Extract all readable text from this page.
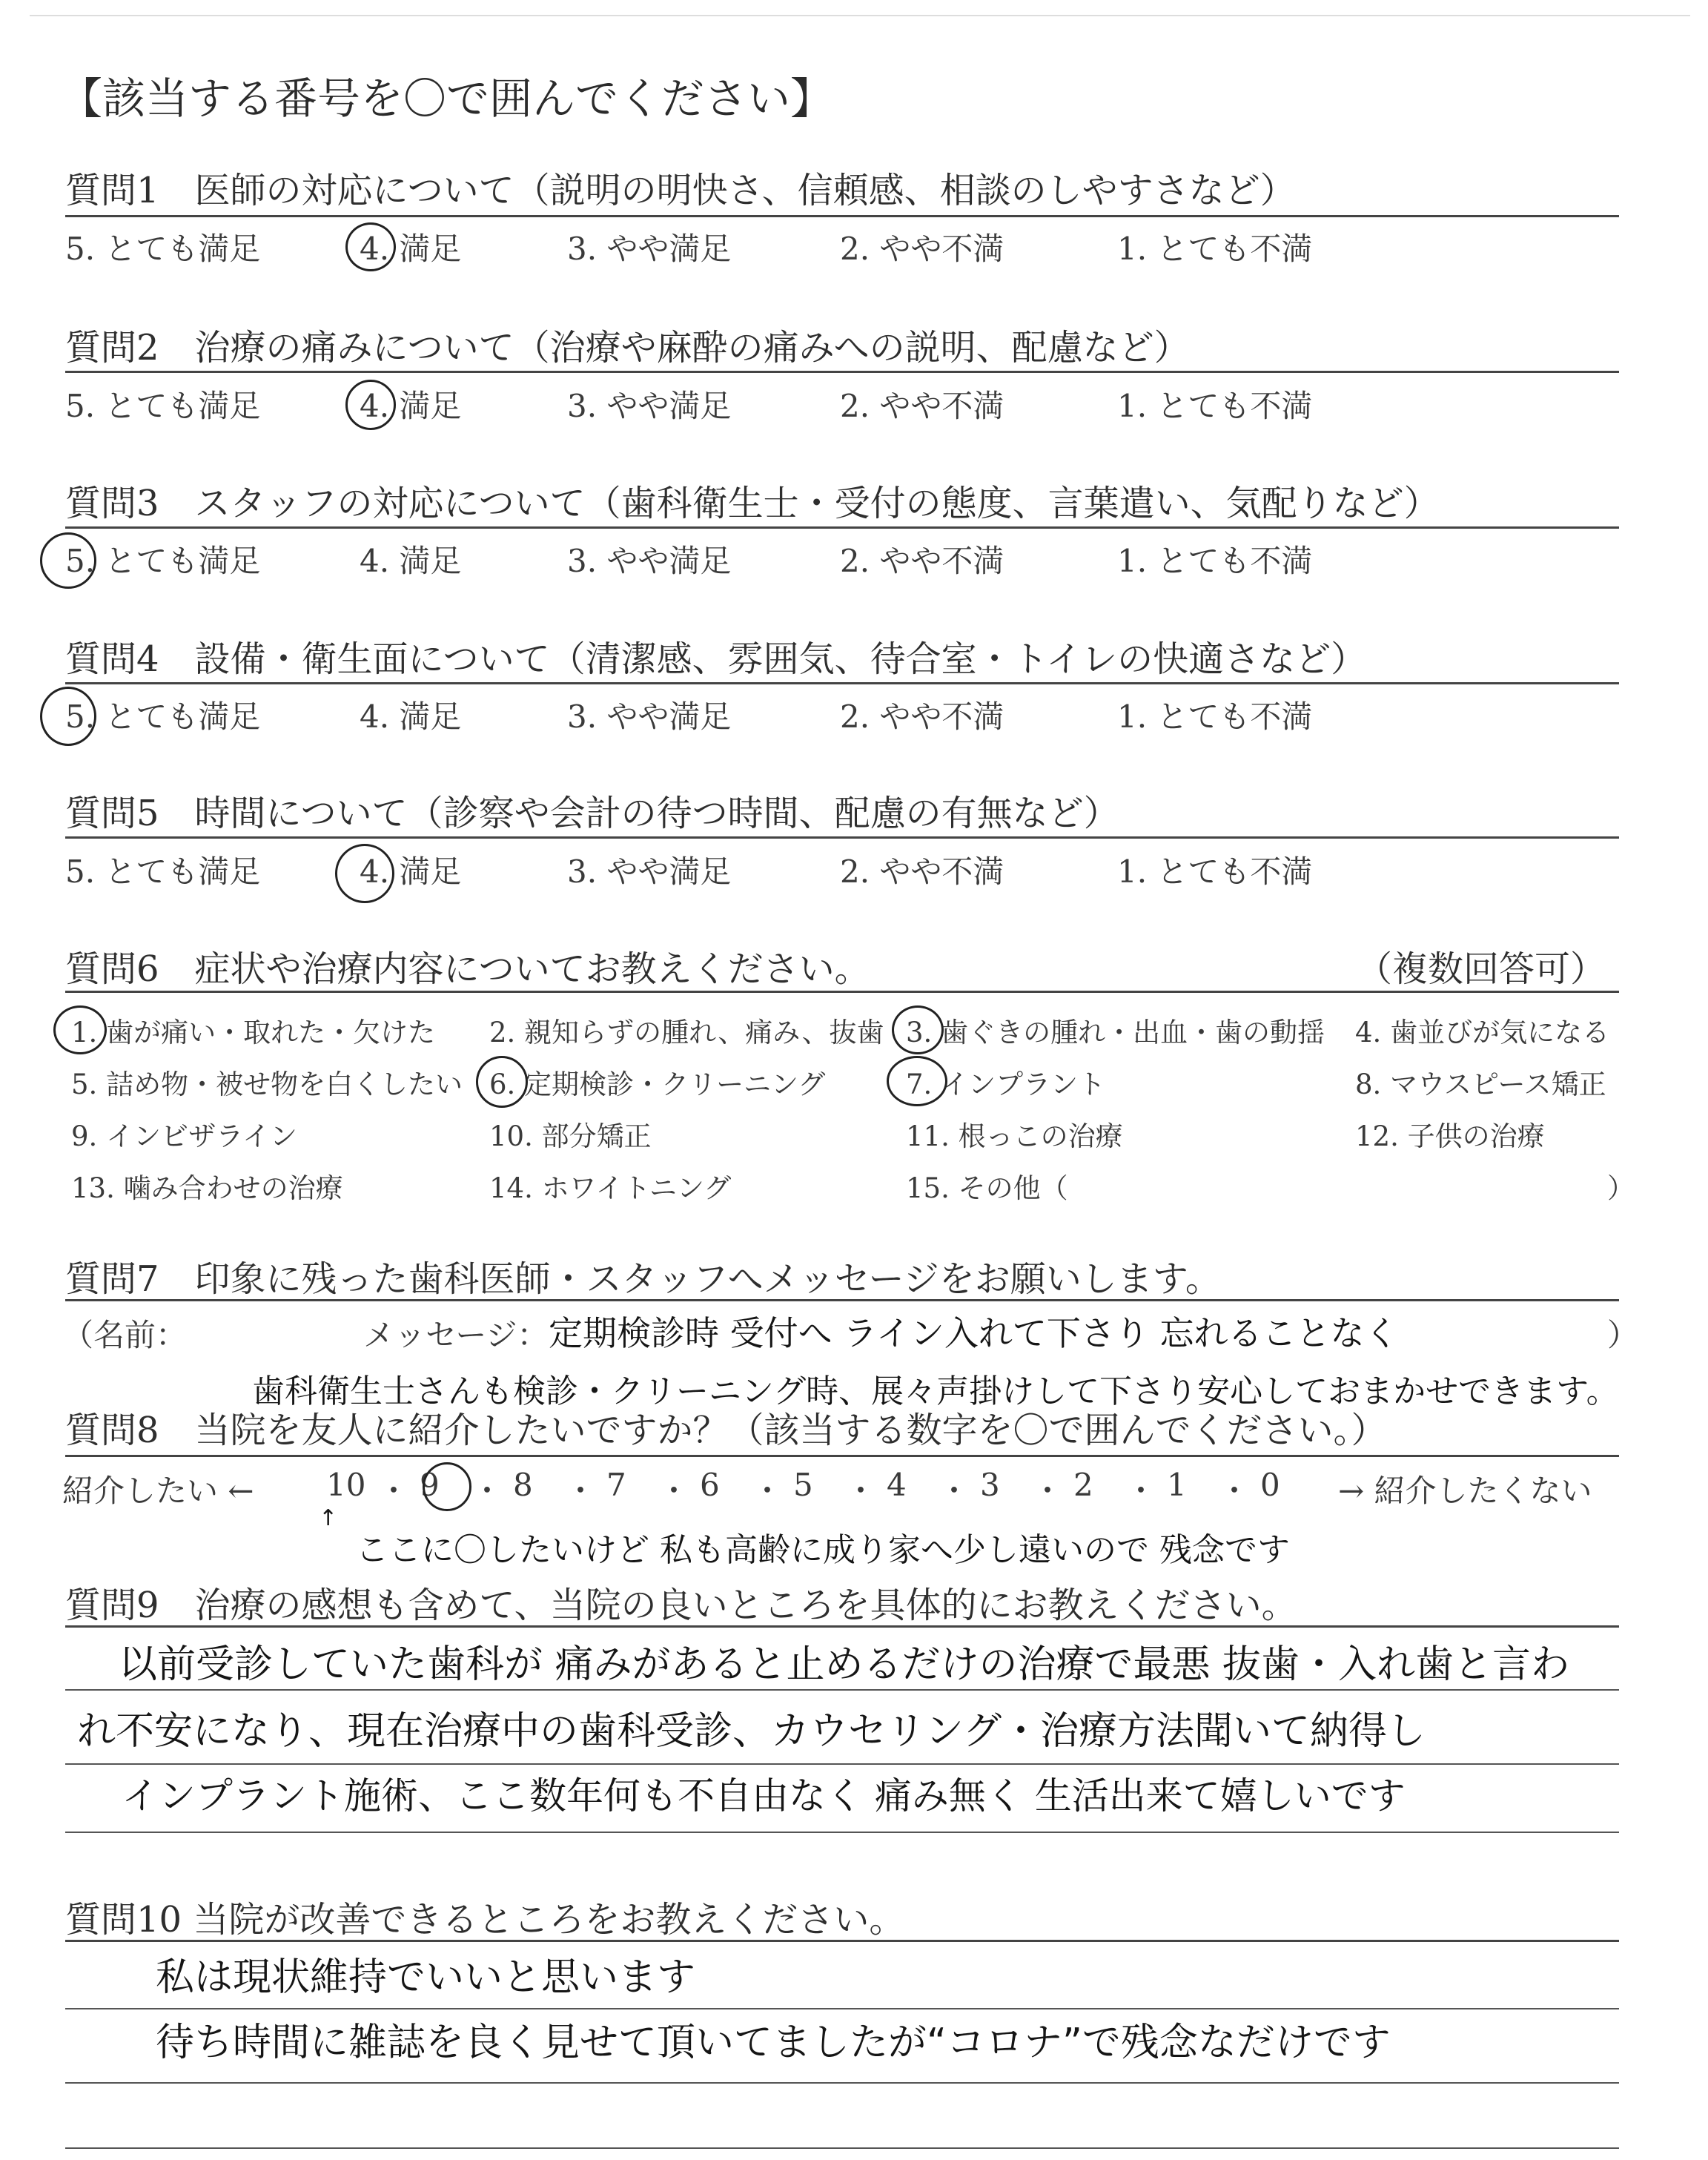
【該当する番号を〇で囲んでください】
質問1　医師の対応について（説明の明快さ、信頼感、相談のしやすさなど）
5. とても満足	4. 満足	3. やや満足	2. やや不満	1. とても不満
質問2　治療の痛みについて（治療や麻酔の痛みへの説明、配慮など）
5. とても満足	4. 満足	3. やや満足	2. やや不満	1. とても不満
質問3　スタッフの対応について（歯科衛生士・受付の態度、言葉遣い、気配りなど）
5. とても満足	4. 満足	3. やや満足	2. やや不満	1. とても不満
質問4　設備・衛生面について（清潔感、雰囲気、待合室・トイレの快適さなど）
5. とても満足	4. 満足	3. やや満足	2. やや不満	1. とても不満
質問5　時間について（診察や会計の待つ時間、配慮の有無など）
5. とても満足	4. 満足	3. やや満足	2. やや不満	1. とても不満
質問6　症状や治療内容についてお教えください。	（複数回答可）
1. 歯が痛い・取れた・欠けた 2. 親知らずの腫れ、痛み、抜歯 3. 歯ぐきの腫れ・出血・歯の動揺 4. 歯並びが気になる
5. 詰め物・被せ物を白くしたい 6. 定期検診・クリーニング	7. インプラント	8. マウスピース矯正
9. インビザライン	10. 部分矯正	11. 根っこの治療	12. 子供の治療
13. 噛み合わせの治療	14. ホワイトニング	15. その他（	）
質問7　印象に残った歯科医師・スタッフへメッセージをお願いします。
（名前：	メッセージ：	）
定期検診時 受付へ ライン入れて下さり 忘れることなく
歯科衛生士さんも検診・クリーニング時、展々声掛けして下さり安心しておまかせできます。
質問8　当院を友人に紹介したいですか？（該当する数字を〇で囲んでください。）
紹介したい ← 10 ・ 9 ・ 8 ・ 7 ・ 6 ・ 5 ・ 4 ・ 3 ・ 2 ・ 1 ・ 0 → 紹介したくない
↑
ここに〇したいけど 私も高齢に成り家へ少し遠いので 残念です
質問9　治療の感想も含めて、当院の良いところを具体的にお教えください。
以前受診していた歯科が 痛みがあると止めるだけの治療で最悪 抜歯・入れ歯と言わ
れ不安になり、現在治療中の歯科受診、カウセリング・治療方法聞いて納得し
インプラント施術、ここ数年何も不自由なく 痛み無く 生活出来て嬉しいです
質問10 当院が改善できるところをお教えください。
私は現状維持でいいと思います
待ち時間に雑誌を良く見せて頂いてましたが“コロナ”で残念なだけです
